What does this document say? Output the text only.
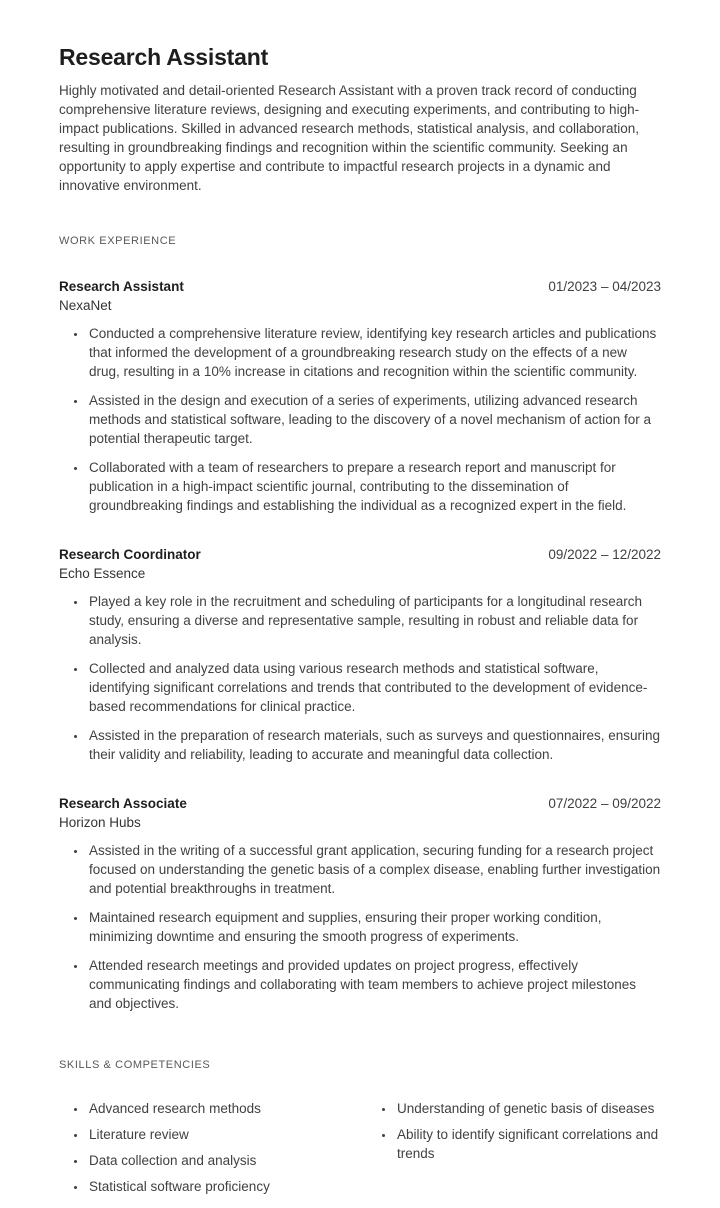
Research Assistant

Highly motivated and detail-oriented Research Assistant with a proven track record of conducting comprehensive literature reviews, designing and executing experiments, and contributing to high-impact publications. Skilled in advanced research methods, statistical analysis, and collaboration, resulting in groundbreaking findings and recognition within the scientific community. Seeking an opportunity to apply expertise and contribute to impactful research projects in a dynamic and innovative environment.

WORK EXPERIENCE
Research Assistant	01/2023 – 04/2023
NexaNet
• Conducted a comprehensive literature review, identifying key research articles and publications that informed the development of a groundbreaking research study on the effects of a new drug, resulting in a 10% increase in citations and recognition within the scientific community.
• Assisted in the design and execution of a series of experiments, utilizing advanced research methods and statistical software, leading to the discovery of a novel mechanism of action for a potential therapeutic target.
• Collaborated with a team of researchers to prepare a research report and manuscript for publication in a high-impact scientific journal, contributing to the dissemination of groundbreaking findings and establishing the individual as a recognized expert in the field.
Research Coordinator	09/2022 – 12/2022
Echo Essence
• Played a key role in the recruitment and scheduling of participants for a longitudinal research study, ensuring a diverse and representative sample, resulting in robust and reliable data for analysis.
• Collected and analyzed data using various research methods and statistical software, identifying significant correlations and trends that contributed to the development of evidence-based recommendations for clinical practice.
• Assisted in the preparation of research materials, such as surveys and questionnaires, ensuring their validity and reliability, leading to accurate and meaningful data collection.
Research Associate	07/2022 – 09/2022
Horizon Hubs
• Assisted in the writing of a successful grant application, securing funding for a research project focused on understanding the genetic basis of a complex disease, enabling further investigation and potential breakthroughs in treatment.
• Maintained research equipment and supplies, ensuring their proper working condition, minimizing downtime and ensuring the smooth progress of experiments.
• Attended research meetings and provided updates on project progress, effectively communicating findings and collaborating with team members to achieve project milestones and objectives.
SKILLS & COMPETENCIES
• Advanced research methods
• Literature review
• Data collection and analysis
• Statistical software proficiency
• Understanding of genetic basis of diseases
• Ability to identify significant correlations and trends
